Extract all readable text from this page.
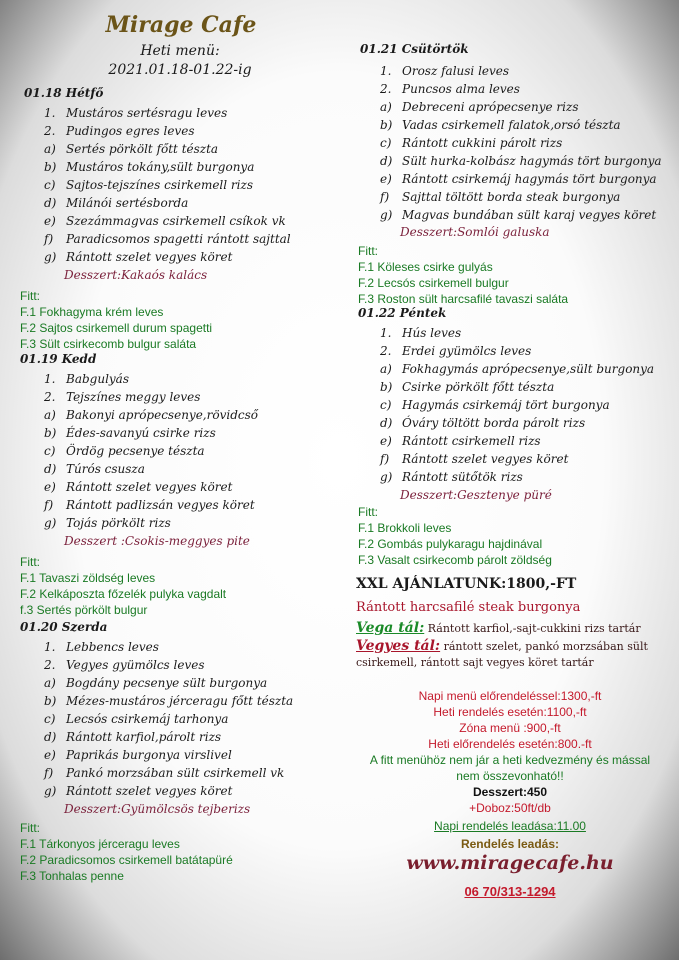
Mirage Cafe
Heti menü:
2021.01.18-01.22-ig
01.18 Hétfő
1. Mustáros sertésragu leves
2. Pudingos egres leves
a) Sertés pörkölt főtt tészta
b) Mustáros tokány,sült burgonya
c) Sajtos-tejszínes csirkemell rizs
d) Milánói sertésborda
e) Szezámmagvas csirkemell csíkok vk
f) Paradicsomos spagetti rántott sajttal
g) Rántott szelet vegyes köret
Desszert:Kakaós kalács
Fitt:
F.1 Fokhagyma krém leves
F.2 Sajtos csirkemell durum spagetti
F.3 Sült csirkecomb bulgur saláta
01.19 Kedd
1. Babgulyás
2. Tejszínes meggy leves
a) Bakonyi aprópecsenye,rövidcső
b) Édes-savanyú csirke rizs
c) Ördög pecsenye tészta
d) Túrós csusza
e) Rántott szelet vegyes köret
f) Rántott padlizsán vegyes köret
g) Tojás pörkölt rizs
Desszert :Csokis-meggyes pite
Fitt:
F.1 Tavaszi zöldség leves
F.2 Kelkáposzta főzelék pulyka vagdalt
f.3 Sertés pörkölt bulgur
01.20 Szerda
1. Lebbencs leves
2. Vegyes gyümölcs leves
a) Bogdány pecsenye sült burgonya
b) Mézes-mustáros jérceragu főtt tészta
c) Lecsós csirkemáj tarhonya
d) Rántott karfiol,párolt rizs
e) Paprikás burgonya virslivel
f) Pankó morzsában sült csirkemell vk
g) Rántott szelet vegyes köret
Desszert:Gyümölcsös tejberizs
Fitt:
F.1 Tárkonyos jérceragu leves
F.2 Paradicsomos csirkemell batátapüré
F.3 Tonhalas penne
01.21 Csütörtök
1. Orosz falusi leves
2. Puncsos alma leves
a) Debreceni aprópecsenye rizs
b) Vadas csirkemell falatok,orsó tészta
c) Rántott cukkini párolt rizs
d) Sült hurka-kolbász hagymás tört burgonya
e) Rántott csirkemáj hagymás tört burgonya
f) Sajttal töltött borda steak burgonya
g) Magvas bundában sült karaj vegyes köret
Desszert:Somlói galuska
Fitt:
F.1 Köleses csirke gulyás
F.2 Lecsós csirkemell bulgur
F.3 Roston sült harcsafilé tavaszi saláta
01.22 Péntek
1. Hús leves
2. Erdei gyümölcs leves
a) Fokhagymás aprópecsenye,sült burgonya
b) Csirke pörkölt főtt tészta
c) Hagymás csirkemáj tört burgonya
d) Óváry töltött borda párolt rizs
e) Rántott csirkemell rizs
f) Rántott szelet vegyes köret
g) Rántott sütőtök rizs
Desszert:Gesztenye püré
Fitt:
F.1 Brokkoli leves
F.2 Gombás pulykaragu hajdinával
F.3 Vasalt csirkecomb párolt zöldség
XXL AJÁNLATUNK:1800,-FT
Rántott harcsafilé steak burgonya
Vega tál: Rántott karfiol,-sajt-cukkini rizs tartár
Vegyes tál: rántott szelet, pankó morzsában sült csirkemell, rántott sajt vegyes köret tartár
Napi menü előrendeléssel:1300,-ft
Heti rendelés esetén:1100,-ft
Zóna menü :900,-ft
Heti előrendelés esetén:800.-ft
A fitt menühöz nem jár a heti kedvezmény és mással
nem összevonható!!
Desszert:450
+Doboz:50ft/db
Napi rendelés leadása:11.00
Rendelés leadás:
www.miragecafe.hu
06 70/313-1294
